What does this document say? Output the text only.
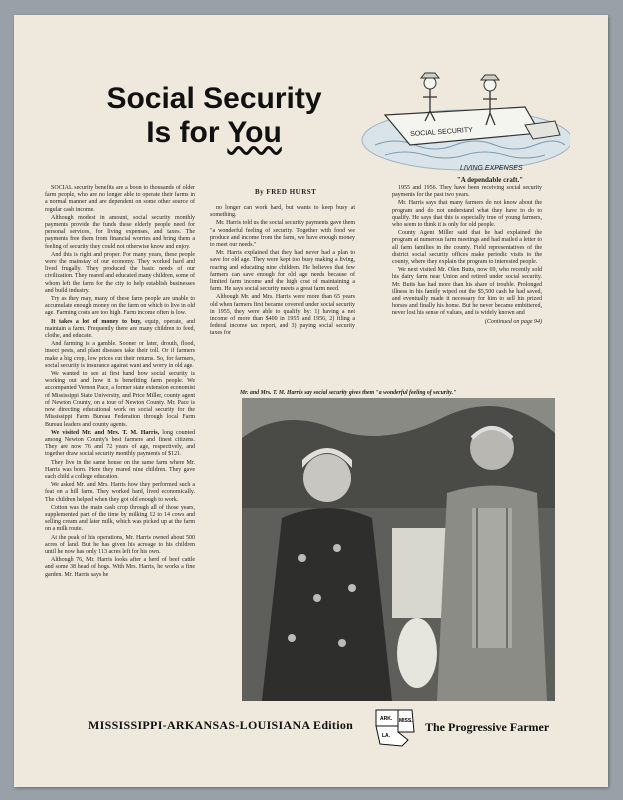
Social Security
Is for You	SOCIAL SECURITY
LIVING EXPENSES
"A dependable craft."

SOCIAL security benefits are a boon to thousands of older farm people, who are no longer able to operate their farms in a normal manner and are dependent on some other source of regular cash income.

Although modest in amount, social security monthly payments provide the funds these elderly people need for personal services, for living expenses, and taxes. The payments free them from financial worries and bring them a feeling of security they could not otherwise know and enjoy.

And this is right and proper. For many years, these people were the mainstay of our economy. They worked hard and lived frugally. They produced the basic needs of our civilization. They reared and educated many children, some of whom left the farm for the city to help establish businesses and build industry.

Try as they may, many of these farm people are unable to accumulate enough money on the farm on which to live in old age. Farming costs are too high. Farm income often is low.

It takes a lot of money to buy, equip, operate, and maintain a farm. Frequently there are many children to feed, clothe, and educate.

And farming is a gamble. Sooner or later, drouth, flood, insect pests, and plant diseases take their toll. Or if farmers make a big crop, low prices cut their returns. So, for farmers, social security is insurance against want and worry in old age.

We wanted to see at first hand how social security is working out and how it is benefiting farm people. We accompanied Vernon Pace, a former state extension economist of Mississippi State University, and Price Miller, county agent of Newton County, on a tour of Newton County. Mr. Pace is now directing educational work on social security for the Mississippi Farm Bureau Federation through local Farm Bureau leaders and county agents.

We visited Mr. and Mrs. T. M. Harris, long counted among Newton County's best farmers and finest citizens. They are now 76 and 72 years of age, respectively, and together draw social security monthly payments of $121.

They live in the same house on the same farm where Mr. Harris was born. Here they reared nine children. They gave each child a college education.

We asked Mr. and Mrs. Harris how they performed such a feat on a hill farm. They worked hard, lived economically. The children helped when they got old enough to work.

Cotton was the main cash crop through all of those years, supplemented part of the time by milking 12 to 14 cows and selling cream and later milk, which was picked up at the farm on a milk route.

At the peak of his operations, Mr. Harris owned about 500 acres of land. But he has given his acreage to his children until he now has only 113 acres left for his own.

Although 76, Mr. Harris looks after a herd of beef cattle and some 38 head of hogs. With Mrs. Harris, he works a fine garden. Mr. Harris says he

By FRED HURST

no longer can work hard, but wants to keep busy at something.

Mr. Harris told us the social security payments gave them "a wonderful feeling of security. Together with food we produce and income from the farm, we have enough money to meet our needs."

Mr. Harris explained that they had never had a plan to save for old age. They were kept too busy making a living, rearing and educating nine children. He believes that few farmers can save enough for old age needs because of limited farm income and the high cost of maintaining a farm. He says social security meets a great farm need.

Although Mr. and Mrs. Harris were more than 65 years old when farmers first became covered under social security in 1955, they were able to qualify by: 1) having a net income of more than $400 in 1955 and 1956, 2) filing a federal income tax report, and 3) paying social security taxes for

1955 and 1956. They have been receiving social security payments for the past two years.

Mr. Harris says that many farmers do not know about the program and do not understand what they have to do to qualify. He says that this is especially true of young farmers, who seem to think it is only for old people.

County Agent Miller said that he had explained the program at numerous farm meetings and had mailed a letter to all farm families in the county. Field representatives of the district social security offices make periodic visits to the county, where they explain the program to interested people.

We next visited Mr. Olen Butts, now 69, who recently sold his dairy farm near Union and retired under social security. Mr. Butts has had more than his share of trouble. Prolonged illness in his family wiped out the $5,500 cash he had saved, and eventually made it necessary for him to sell his prized horses and finally his home. But he never became embittered, never lost his sense of values, and is widely known and

(Continued on page 94)

Mr. and Mrs. T. M. Harris say social security gives them "a wonderful feeling of security."
MISSISSIPPI-ARKANSAS-LOUISIANA Edition	ARK. MISS.
LA.
The Progressive Farmer
